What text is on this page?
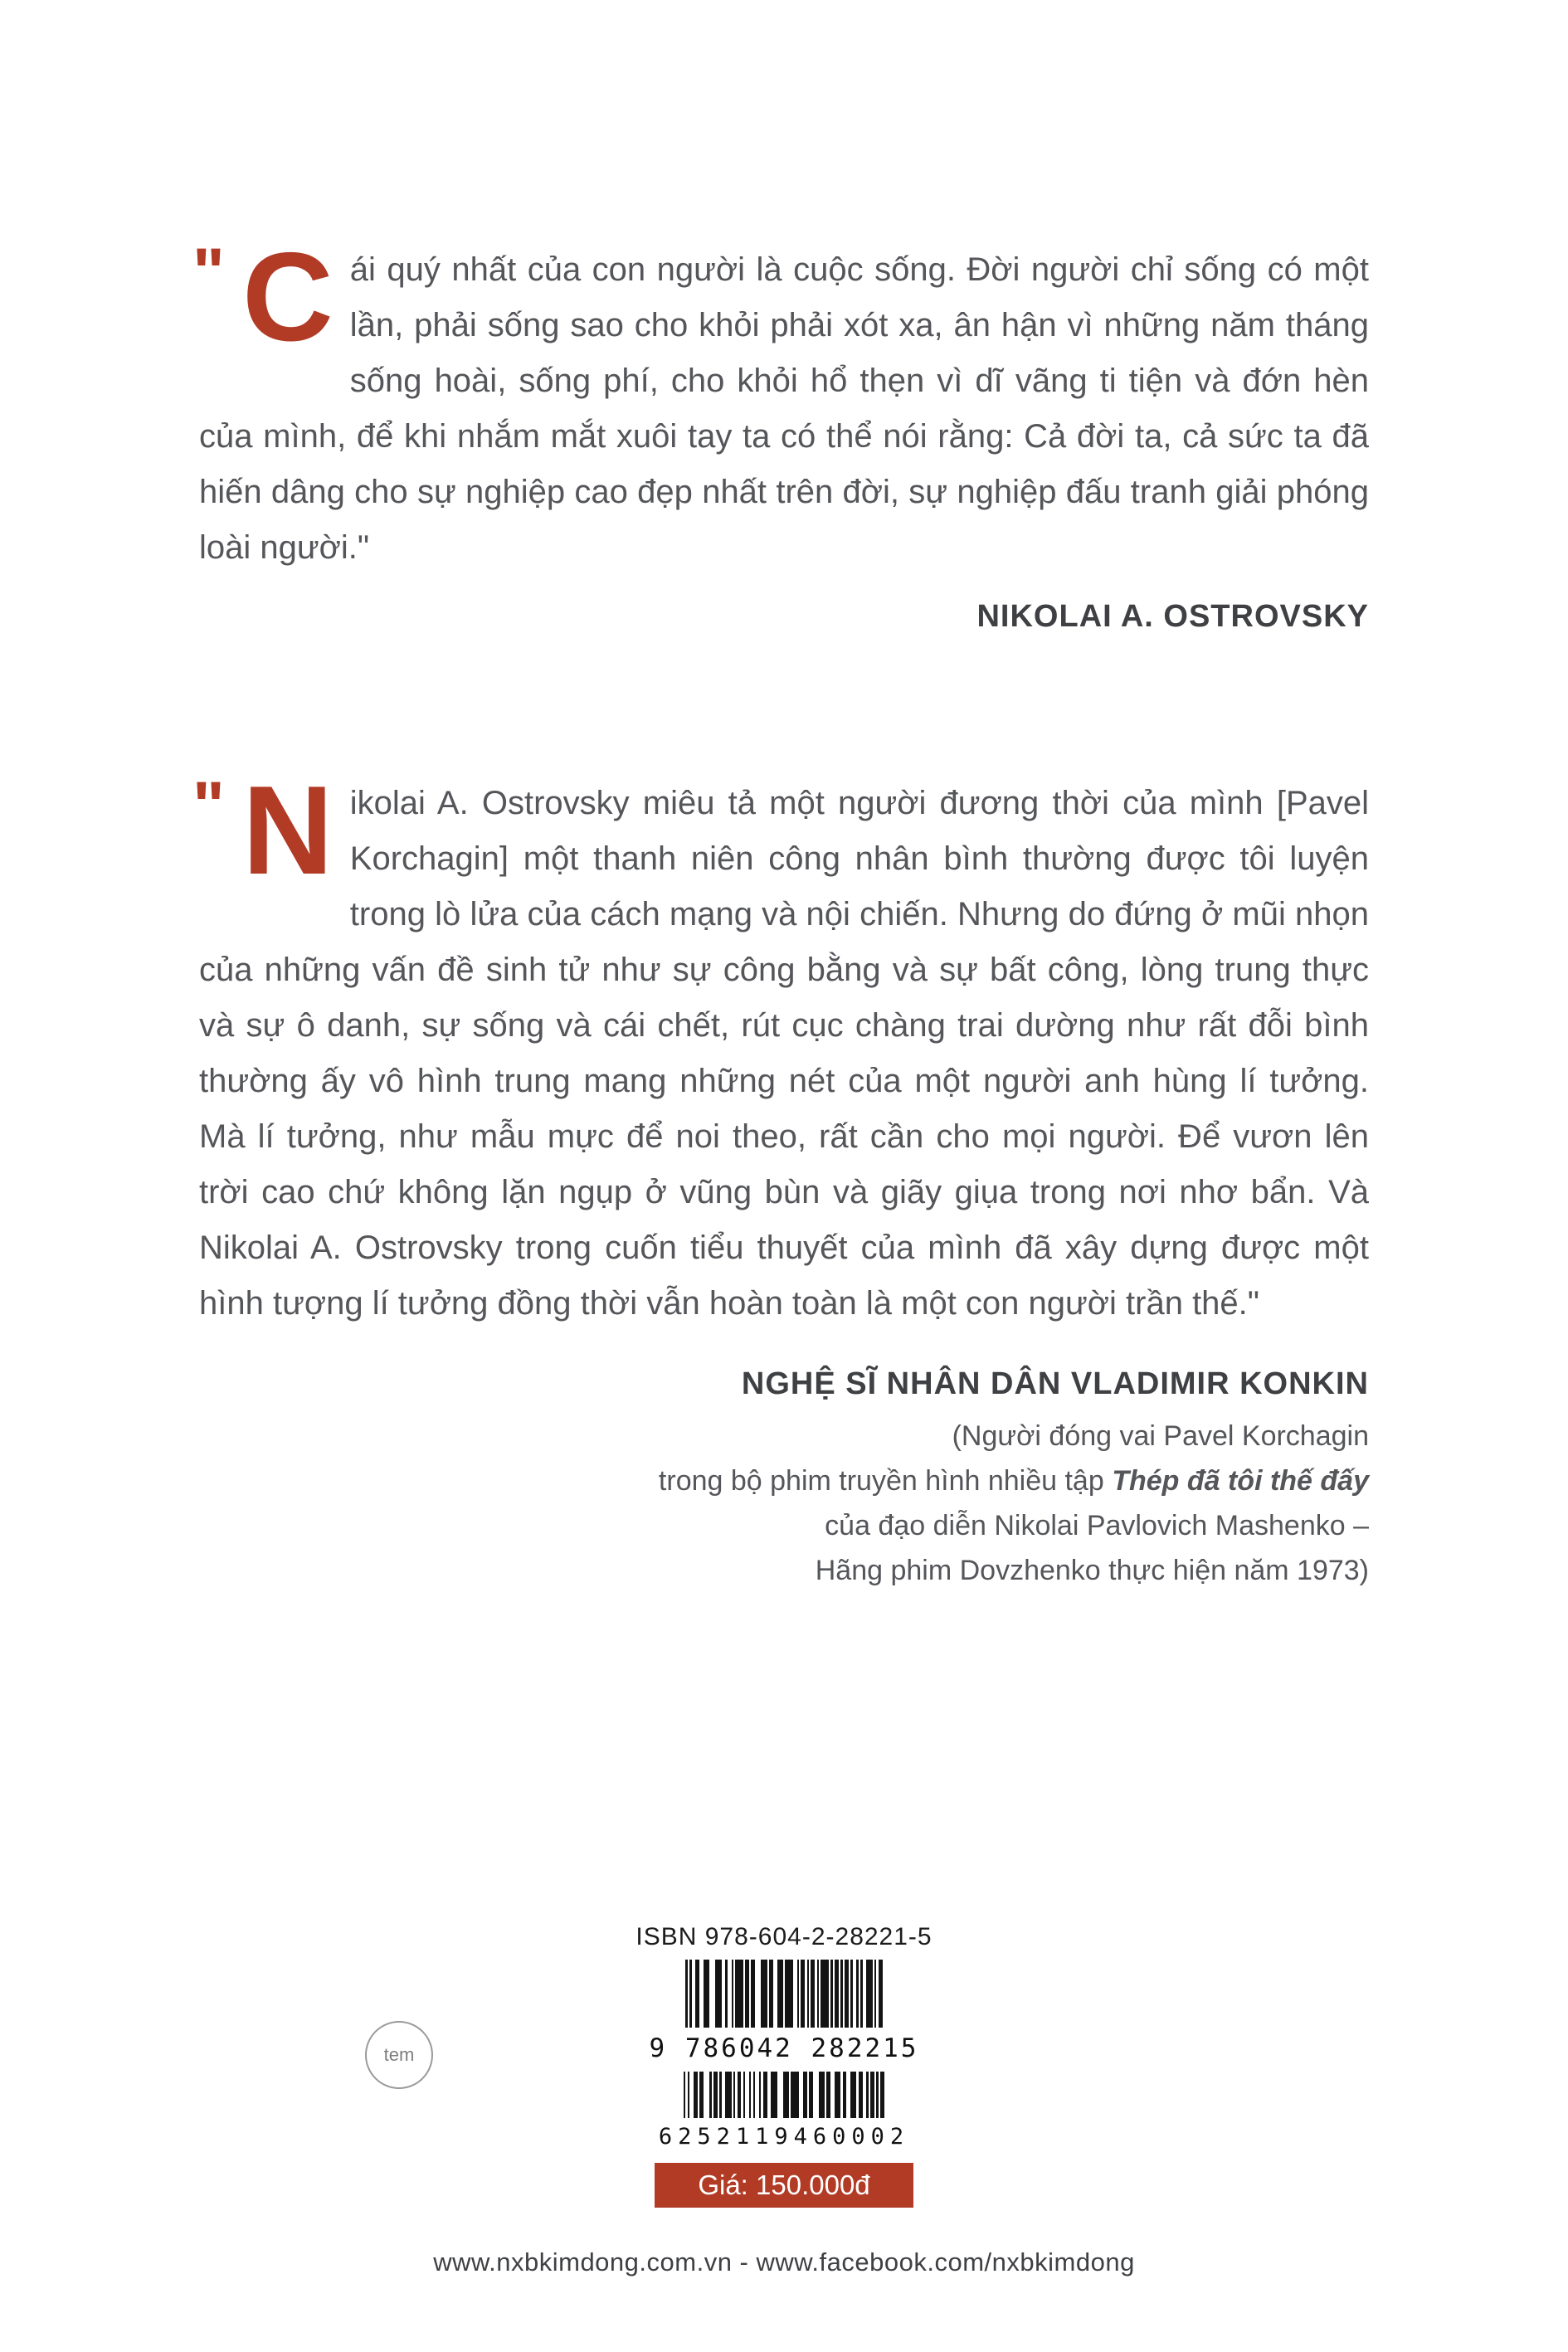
" C ái quý nhất của con người là cuộc sống. Đời người chỉ sống có một lần, phải sống sao cho khỏi phải xót xa, ân hận vì những năm tháng sống hoài, sống phí, cho khỏi hổ thẹn vì dĩ vãng ti tiện và đớn hèn của mình, để khi nhắm mắt xuôi tay ta có thể nói rằng: Cả đời ta, cả sức ta đã hiến dâng cho sự nghiệp cao đẹp nhất trên đời, sự nghiệp đấu tranh giải phóng loài người."

NIKOLAI A. OSTROVSKY

" N ikolai A. Ostrovsky miêu tả một người đương thời của mình [Pavel Korchagin] một thanh niên công nhân bình thường được tôi luyện trong lò lửa của cách mạng và nội chiến. Nhưng do đứng ở mũi nhọn của những vấn đề sinh tử như sự công bằng và sự bất công, lòng trung thực và sự ô danh, sự sống và cái chết, rút cục chàng trai dường như rất đỗi bình thường ấy vô hình trung mang những nét của một người anh hùng lí tưởng. Mà lí tưởng, như mẫu mực để noi theo, rất cần cho mọi người. Để vươn lên trời cao chứ không lặn ngụp ở vũng bùn và giãy giụa trong nơi nhơ bẩn. Và Nikolai A. Ostrovsky trong cuốn tiểu thuyết của mình đã xây dựng được một hình tượng lí tưởng đồng thời vẫn hoàn toàn là một con người trần thế."

NGHỆ SĨ NHÂN DÂN VLADIMIR KONKIN
(Người đóng vai Pavel Korchagin
trong bộ phim truyền hình nhiều tập Thép đã tôi thế đấy
của đạo diễn Nikolai Pavlovich Mashenko –
Hãng phim Dovzhenko thực hiện năm 1973)
tem
ISBN 978-604-2-28221-5
9 786042 282215
6252119460002
Giá: 150.000đ
www.nxbkimdong.com.vn - www.facebook.com/nxbkimdong
